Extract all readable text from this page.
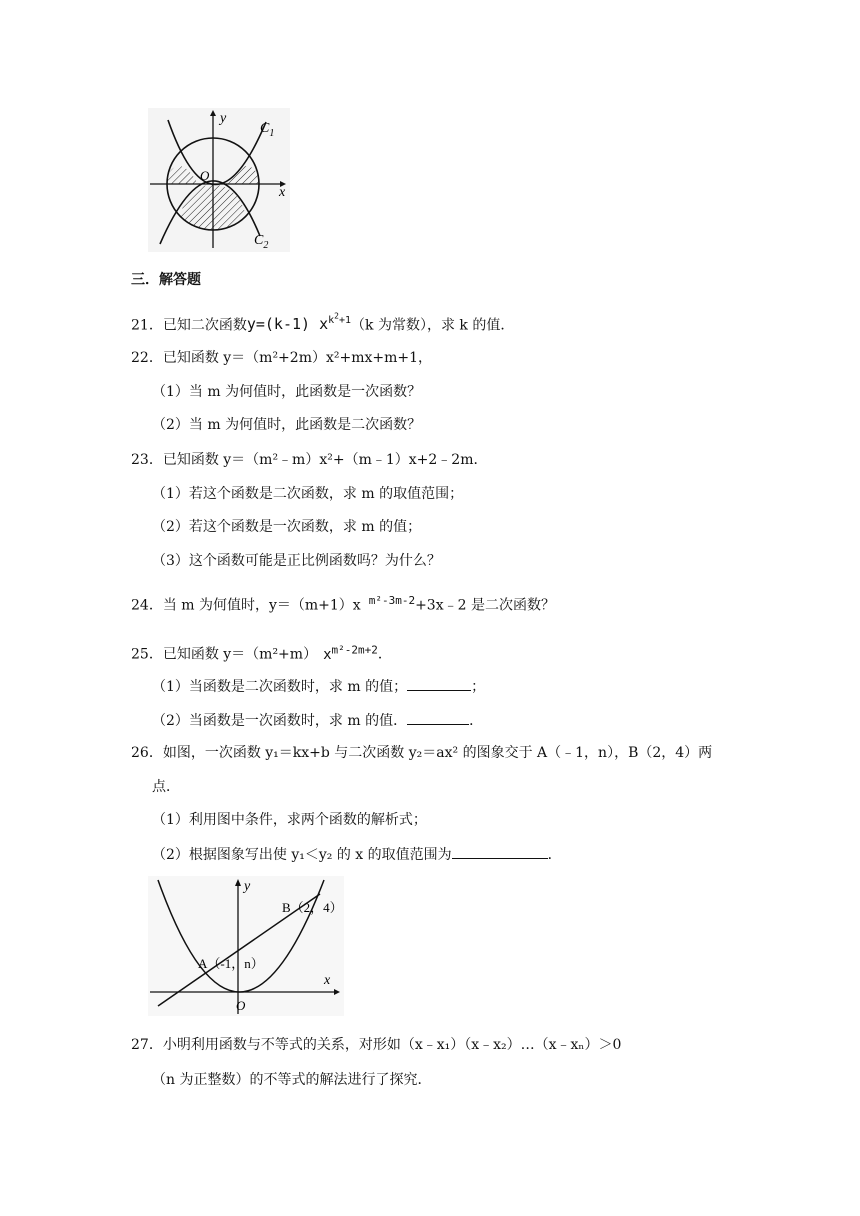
y
x
O
$C_1$
$C_2$
三．解答题
21．已知二次函数y=(k-1) $x^{k^2+1}(k$ 为常数），求 k 的值．
22．已知函数 y＝（m²+2m）x²+mx+m+1，
（1）当 m 为何值时，此函数是一次函数？
（2）当 m 为何值时，此函数是二次函数？
23．已知函数 y＝（m²﹣m）x²+（m﹣1）x+2﹣2m．
（1）若这个函数是二次函数，求 m 的取值范围；
（2）若这个函数是一次函数，求 m 的值；
（3）这个函数可能是正比例函数吗？为什么？
24．当 m 为何值时，y＝（m+1）x $^{m^2-3m-2}$+3x﹣2 是二次函数？
25．已知函数 y＝（m²+m） $x^{m^2-2m+2}$．
（1）当函数是二次函数时，求 m 的值；	；
（2）当函数是一次函数时，求 m 的值．	．
26．如图，一次函数 y₁＝kx+b 与二次函数 y₂＝ax² 的图象交于 A（﹣1，n），B（2，4）两
点．
（1）利用图中条件，求两个函数的解析式；
（2）根据图象写出使 y₁＜y₂ 的 x 的取值范围为	．
y
x
O
B（2，4）
A（-1，n）
27．小明利用函数与不等式的关系，对形如（x﹣x₁）（x﹣x₂）…（x﹣xₙ）＞0
（n 为正整数）的不等式的解法进行了探究．
